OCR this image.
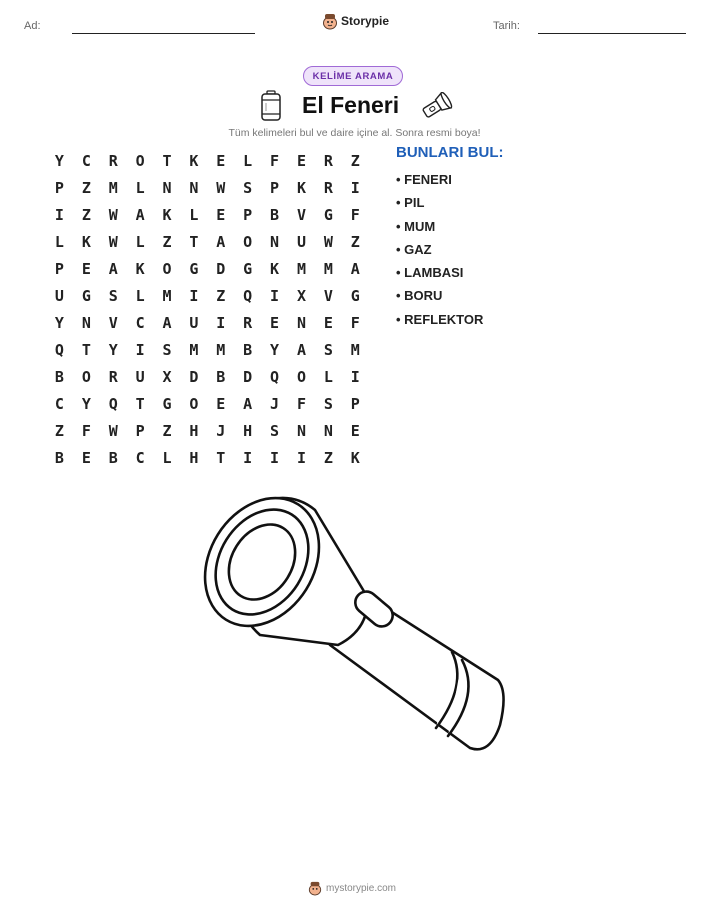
Ad:	Storypie	Tarih:
KELİME ARAMA
El Feneri
Tüm kelimeleri bul ve daire içine al. Sonra resmi boya!
Y	C	R	O	T	K	E	L	F	E	R	Z
P	Z	M	L	N	N	W	S	P	K	R	I
I	Z	W	A	K	L	E	P	B	V	G	F
L	K	W	L	Z	T	A	O	N	U	W	Z
P	E	A	K	O	G	D	G	K	M	M	A
U	G	S	L	M	I	Z	Q	I	X	V	G
Y	N	V	C	A	U	I	R	E	N	E	F
Q	T	Y	I	S	M	M	B	Y	A	S	M
B	O	R	U	X	D	B	D	Q	O	L	I
C	Y	Q	T	G	O	E	A	J	F	S	P
Z	F	W	P	Z	H	J	H	S	N	N	E
B	E	B	C	L	H	T	I	I	I	Z	K
BUNLARI BUL:
• FENERI
• PIL
• MUM
• GAZ
• LAMBASI
• BORU
• REFLEKTOR
mystorypie.com
